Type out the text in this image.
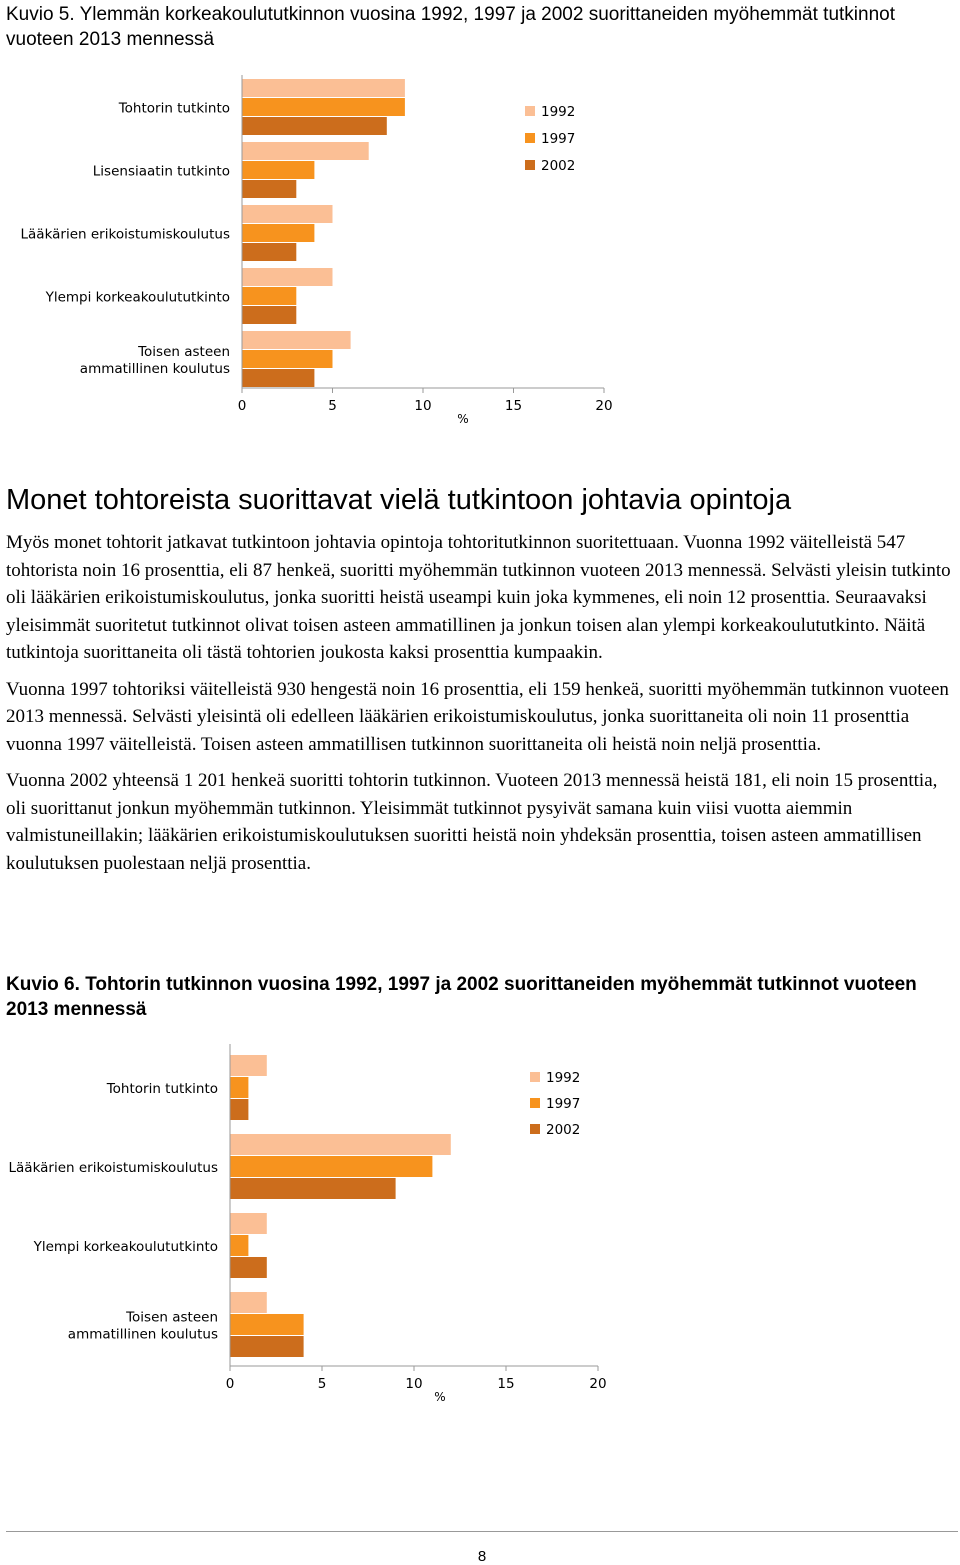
Kuvio 5. Ylemmän korkeakoulututkinnon vuosina 1992, 1997 ja 2002 suorittaneiden myöhemmät tutkinnot vuoteen 2013 mennessä
Tohtorin tutkinto
Lisensiaatin tutkinto
Lääkärien erikoistumiskoulutus
Ylempi korkeakoulututkinto
Toisen asteen
ammatillinen koulutus
0	5	10	15	20
%
1992
1997
2002
Monet tohtoreista suorittavat vielä tutkintoon johtavia opintoja

Myös monet tohtorit jatkavat tutkintoon johtavia opintoja tohtoritutkinnon suoritettuaan. Vuonna 1992 väitelleistä 547 tohtorista noin 16 prosenttia, eli 87 henkeä, suoritti myöhemmän tutkinnon vuoteen 2013 mennessä. Selvästi yleisin tutkinto oli lääkärien erikoistumiskoulutus, jonka suoritti heistä useampi kuin joka kymmenes, eli noin 12 prosenttia. Seuraavaksi yleisimmät suoritetut tutkinnot olivat toisen asteen ammatillinen ja jonkun toisen alan ylempi korkeakoulututkinto. Näitä tutkintoja suorittaneita oli tästä tohtorien joukosta kaksi prosenttia kumpaakin.

Vuonna 1997 tohtoriksi väitelleistä 930 hengestä noin 16 prosenttia, eli 159 henkeä, suoritti myöhemmän tutkinnon vuoteen 2013 mennessä. Selvästi yleisintä oli edelleen lääkärien erikoistumiskoulutus, jonka suorittaneita oli noin 11 prosenttia vuonna 1997 väitelleistä. Toisen asteen ammatillisen tutkinnon suorittaneita oli heistä noin neljä prosenttia.

Vuonna 2002 yhteensä 1 201 henkeä suoritti tohtorin tutkinnon. Vuoteen 2013 mennessä heistä 181, eli noin 15 prosenttia, oli suorittanut jonkun myöhemmän tutkinnon. Yleisimmät tutkinnot pysyivät samana kuin viisi vuotta aiemmin valmistuneillakin; lääkärien erikoistumiskoulutuksen suoritti heistä noin yhdeksän prosenttia, toisen asteen ammatillisen koulutuksen puolestaan neljä prosenttia.

Kuvio 6. Tohtorin tutkinnon vuosina 1992, 1997 ja 2002 suorittaneiden myöhemmät tutkinnot vuoteen 2013 mennessä
Tohtorin tutkinto
Lääkärien erikoistumiskoulutus
Ylempi korkeakoulututkinto
Toisen asteen
ammatillinen koulutus
0	5	10	15	20
%
1992
1997
2002
8
